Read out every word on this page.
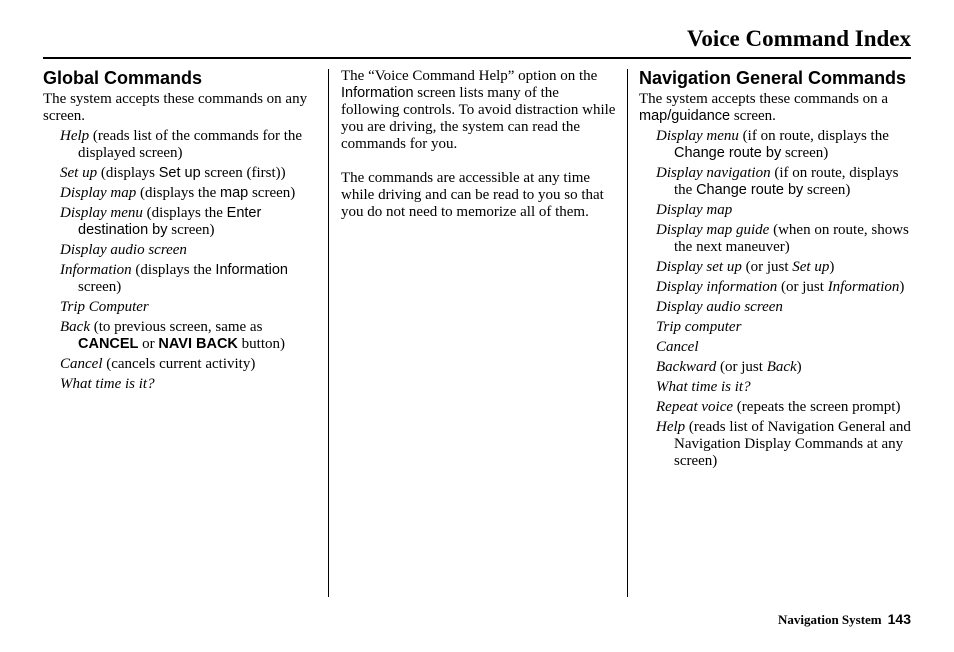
Voice Command Index
Global Commands

The system accepts these commands on any screen.

Help (reads list of the commands for the displayed screen)
Set up (displays Set up screen (first))
Display map (displays the map screen)
Display menu (displays the Enter destination by screen)
Display audio screen
Information (displays the Information screen)
Trip Computer
Back (to previous screen, same as CANCEL or NAVI BACK button)
Cancel (cancels current activity)
What time is it?

The “Voice Command Help” option on the Information screen lists many of the following controls. To avoid distraction while you are driving, the system can read the commands for you.

The commands are accessible at any time while driving and can be read to you so that you do not need to memorize all of them.

Navigation General Commands

The system accepts these commands on a map/guidance screen.

Display menu (if on route, displays the Change route by screen)
Display navigation (if on route, displays the Change route by screen)
Display map
Display map guide (when on route, shows the next maneuver)
Display set up (or just Set up)
Display information (or just Information)
Display audio screen
Trip computer
Cancel
Backward (or just Back)
What time is it?
Repeat voice (repeats the screen prompt)
Help (reads list of Navigation General and Navigation Display Commands at any screen)
Navigation System 143
